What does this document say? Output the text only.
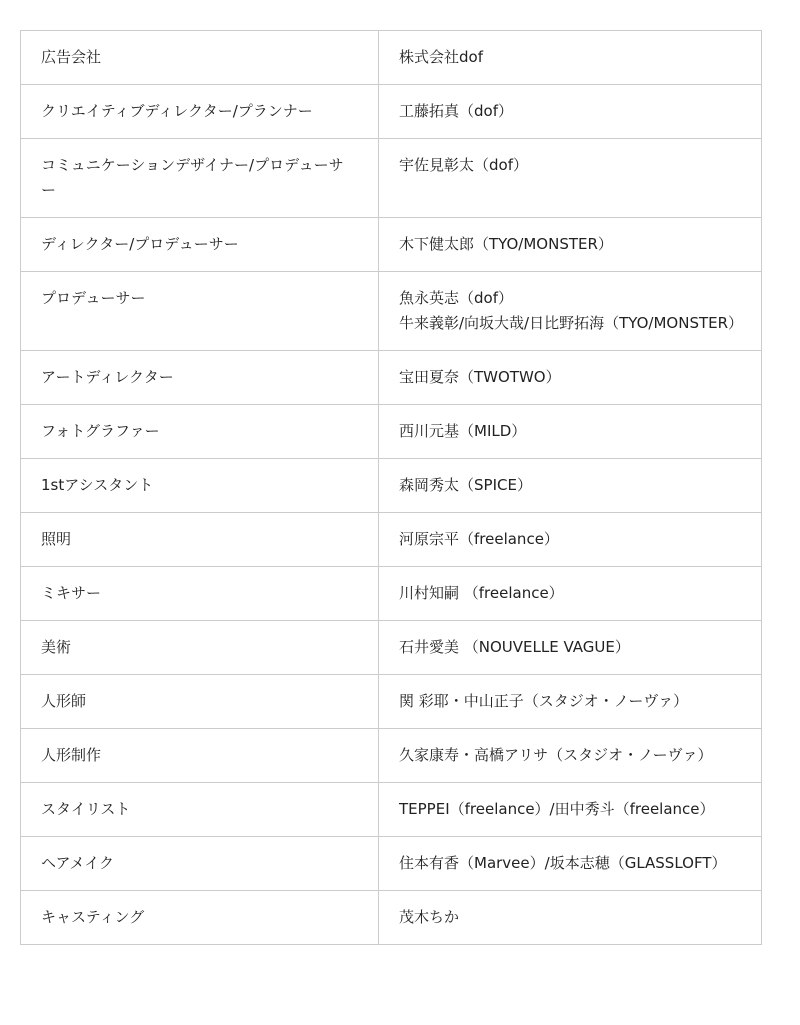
広告会社	株式会社dof

クリエイティブディレクター/プランナー	工藤拓真（dof）

コミュニケーションデザイナー/プロデューサー	宇佐見彰太（dof）

ディレクター/プロデューサー	木下健太郎（TYO/MONSTER）

プロデューサー	魚永英志（dof）
牛来義彰/向坂大哉/日比野拓海（TYO/MONSTER）

アートディレクター	宝田夏奈（TWOTWO）

フォトグラファー	西川元基（MILD）

1stアシスタント	森岡秀太（SPICE）

照明	河原宗平（freelance）

ミキサー	川村知嗣 （freelance）

美術	石井愛美 （NOUVELLE VAGUE）

人形師	関 彩耶・中山正子（スタジオ・ノーヴァ）

人形制作	久家康寿・高橋アリサ（スタジオ・ノーヴァ）

スタイリスト	TEPPEI（freelance）/田中秀斗（freelance）

ヘアメイク	住本有香（Marvee）/坂本志穂（GLASSLOFT）

キャスティング	茂木ちか
